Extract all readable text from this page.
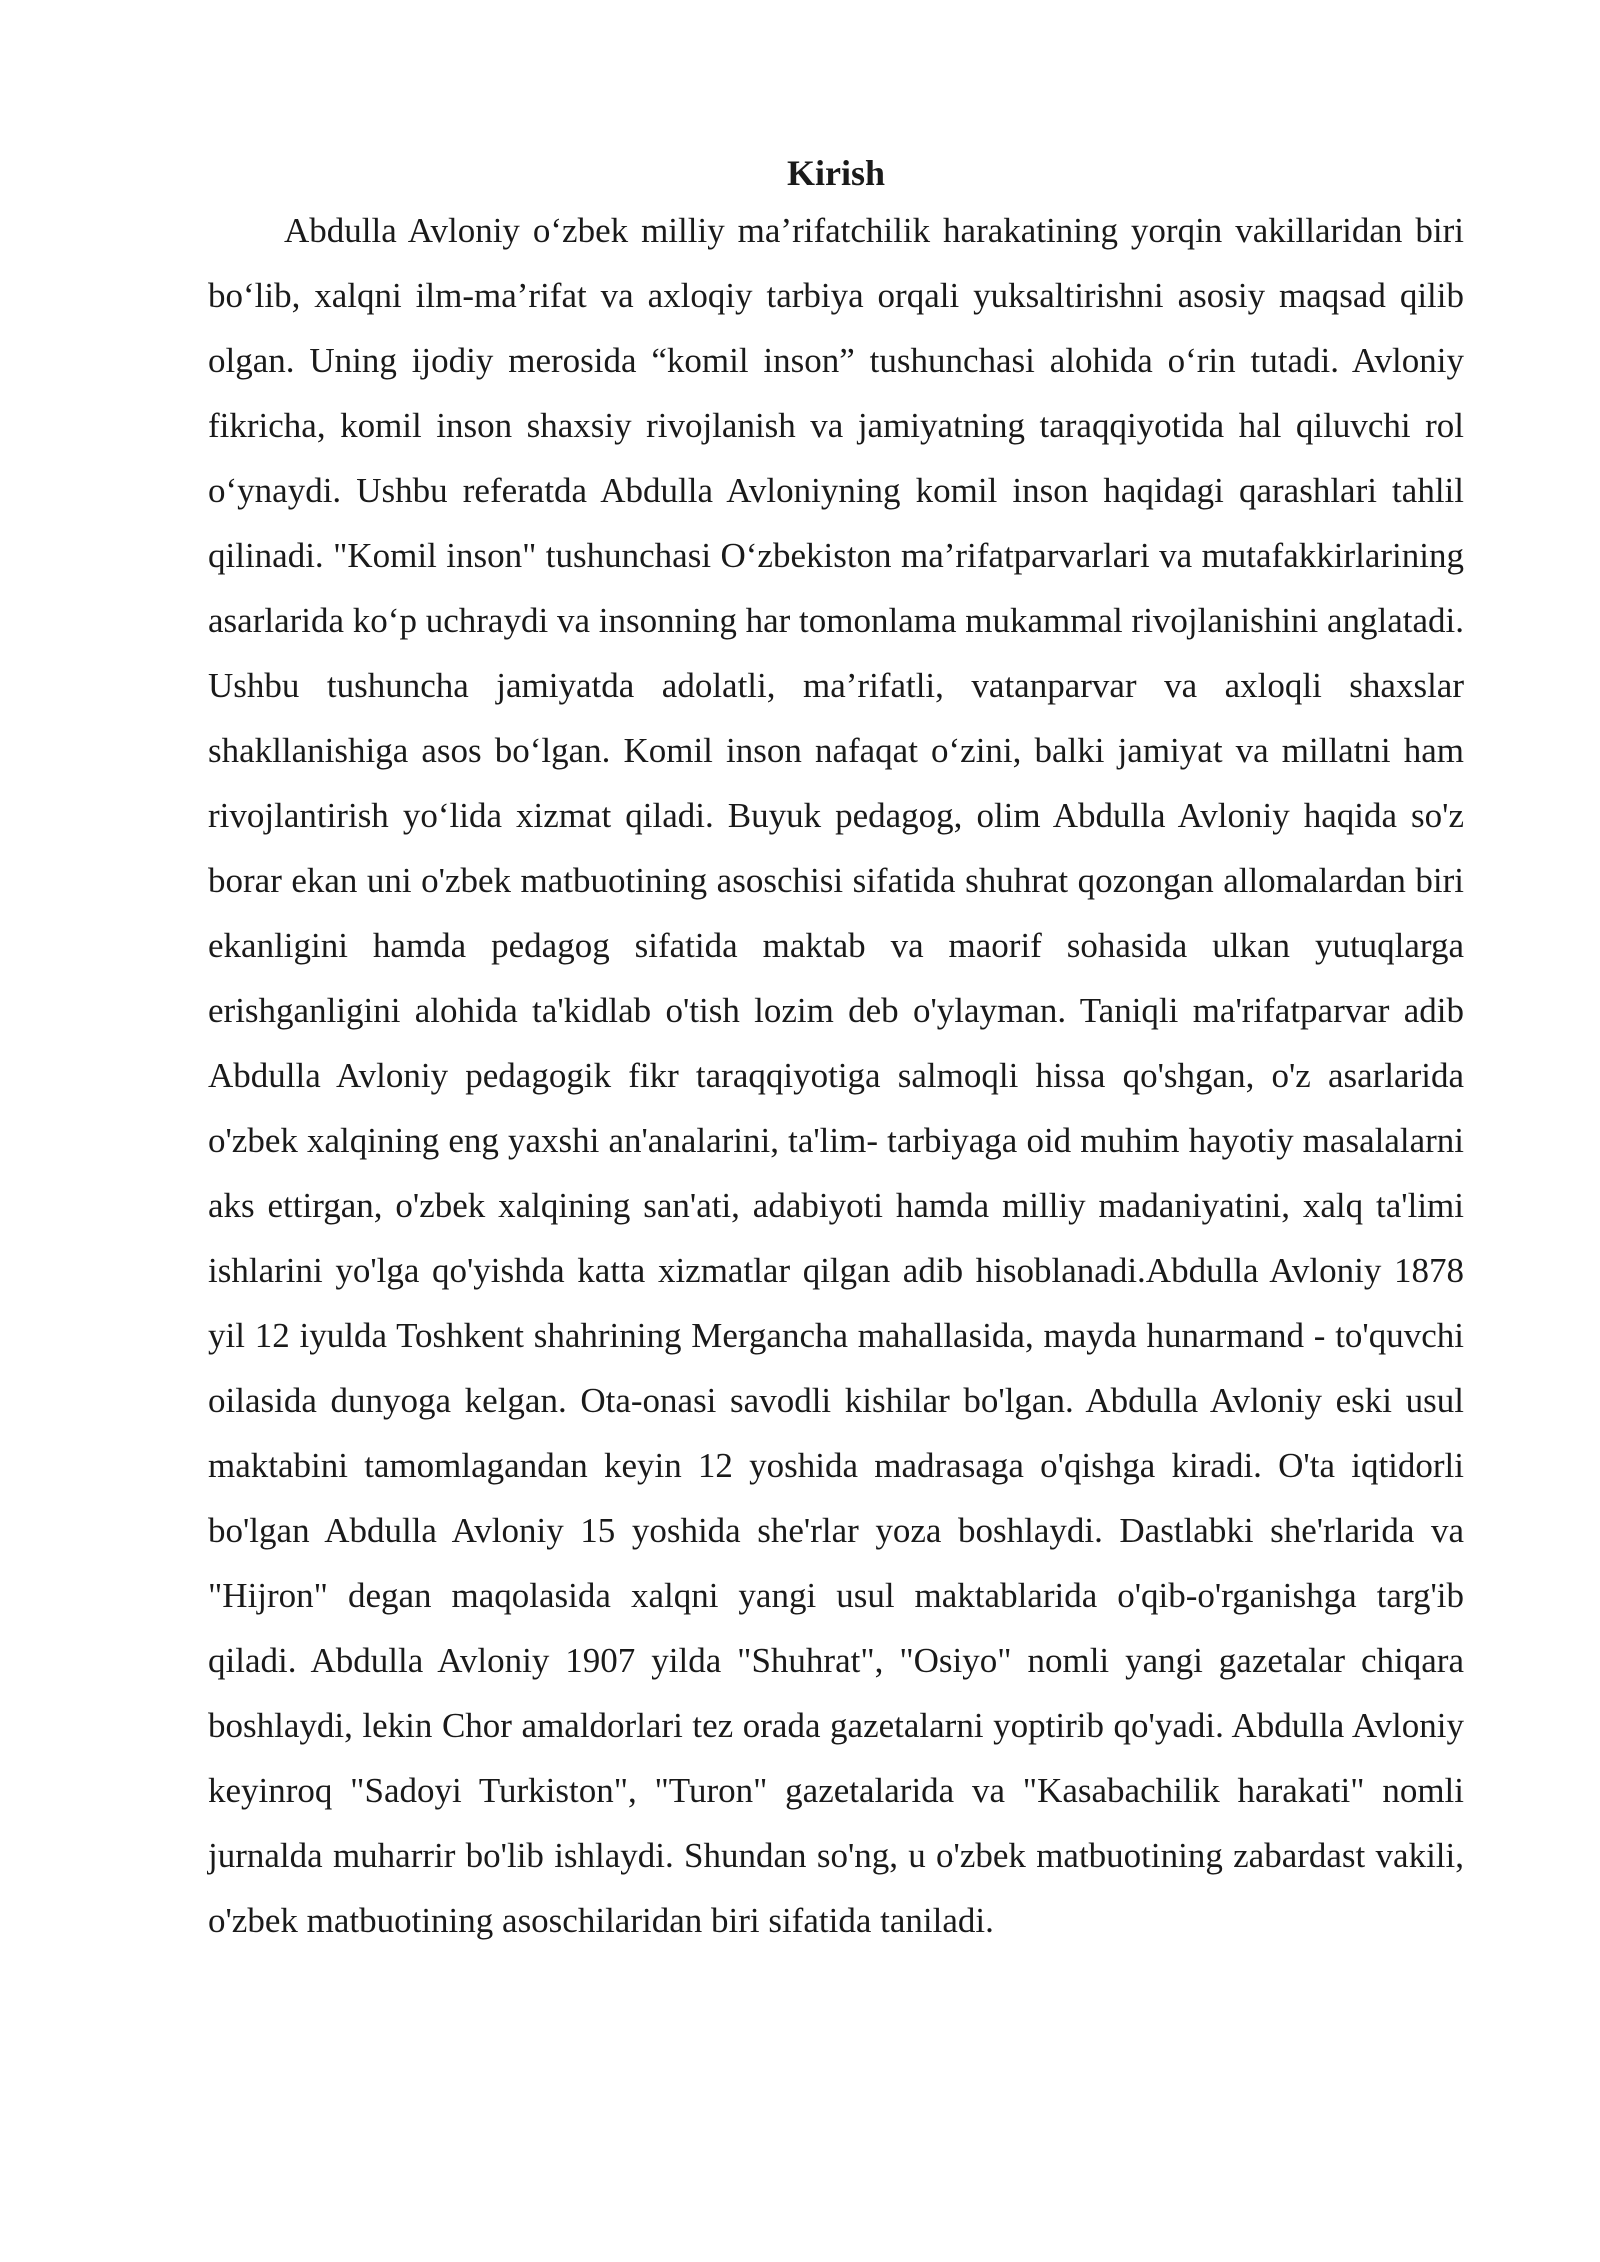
Kirish

Abdulla Avloniy o‘zbek milliy ma’rifatchilik harakatining yorqin vakillaridan biri bo‘lib, xalqni ilm-ma’rifat va axloqiy tarbiya orqali yuksaltirishni asosiy maqsad qilib olgan. Uning ijodiy merosida “komil inson” tushunchasi alohida o‘rin tutadi. Avloniy fikricha, komil inson shaxsiy rivojlanish va jamiyatning taraqqiyotida hal qiluvchi rol o‘ynaydi. Ushbu referatda Abdulla Avloniyning komil inson haqidagi qarashlari tahlil qilinadi. "Komil inson" tushunchasi O‘zbekiston ma’rifatparvarlari va mutafakkirlarining asarlarida ko‘p uchraydi va insonning har tomonlama mukammal rivojlanishini anglatadi. Ushbu tushuncha jamiyatda adolatli, ma’rifatli, vatanparvar va axloqli shaxslar shakllanishiga asos bo‘lgan. Komil inson nafaqat o‘zini, balki jamiyat va millatni ham rivojlantirish yo‘lida xizmat qiladi. Buyuk pedagog, olim Abdulla Avloniy haqida so'z borar ekan uni o'zbek matbuotining asoschisi sifatida shuhrat qozongan allomalardan biri ekanligini hamda pedagog sifatida maktab va maorif sohasida ulkan yutuqlarga erishganligini alohida ta'kidlab o'tish lozim deb o'ylayman. Taniqli ma'rifatparvar adib Abdulla Avloniy pedagogik fikr taraqqiyotiga salmoqli hissa qo'shgan, o'z asarlarida o'zbek xalqining eng yaxshi an'analarini, ta'lim- tarbiyaga oid muhim hayotiy masalalarni aks ettirgan, o'zbek xalqining san'ati, adabiyoti hamda milliy madaniyatini, xalq ta'limi ishlarini yo'lga qo'yishda katta xizmatlar qilgan adib hisoblanadi.Abdulla Avloniy 1878 yil 12 iyulda Toshkent shahrining Merganchа mahallasida, mayda hunarmand - to'quvchi oilasida dunyoga kelgan. Ota-onasi savodli kishilar bo'lgan. Abdulla Avloniy eski usul maktabini tamomlagandan keyin 12 yoshida madrasaga o'qishga kiradi. O'ta iqtidorli bo'lgan Abdulla Avloniy 15 yoshida she'rlar yoza boshlaydi. Dastlabki she'rlarida va "Hijron" degan maqolasida xalqni yangi usul maktablarida o'qib-o'rganishga targ'ib qiladi. Abdulla Avloniy 1907 yilda "Shuhrat", "Osiyo" nomli yangi gazetalar chiqara boshlaydi, lekin Chor amaldorlari tez orada gazetalarni yoptirib qo'yadi. Abdulla Avloniy keyinroq "Sadoyi Turkiston", "Turon" gazetalarida va "Kasabachilik harakati" nomli jurnalda muharrir bo'lib ishlaydi. Shundan so'ng, u o'zbek matbuotining zabardast vakili, o'zbek matbuotining asoschilaridan biri sifatida taniladi.
